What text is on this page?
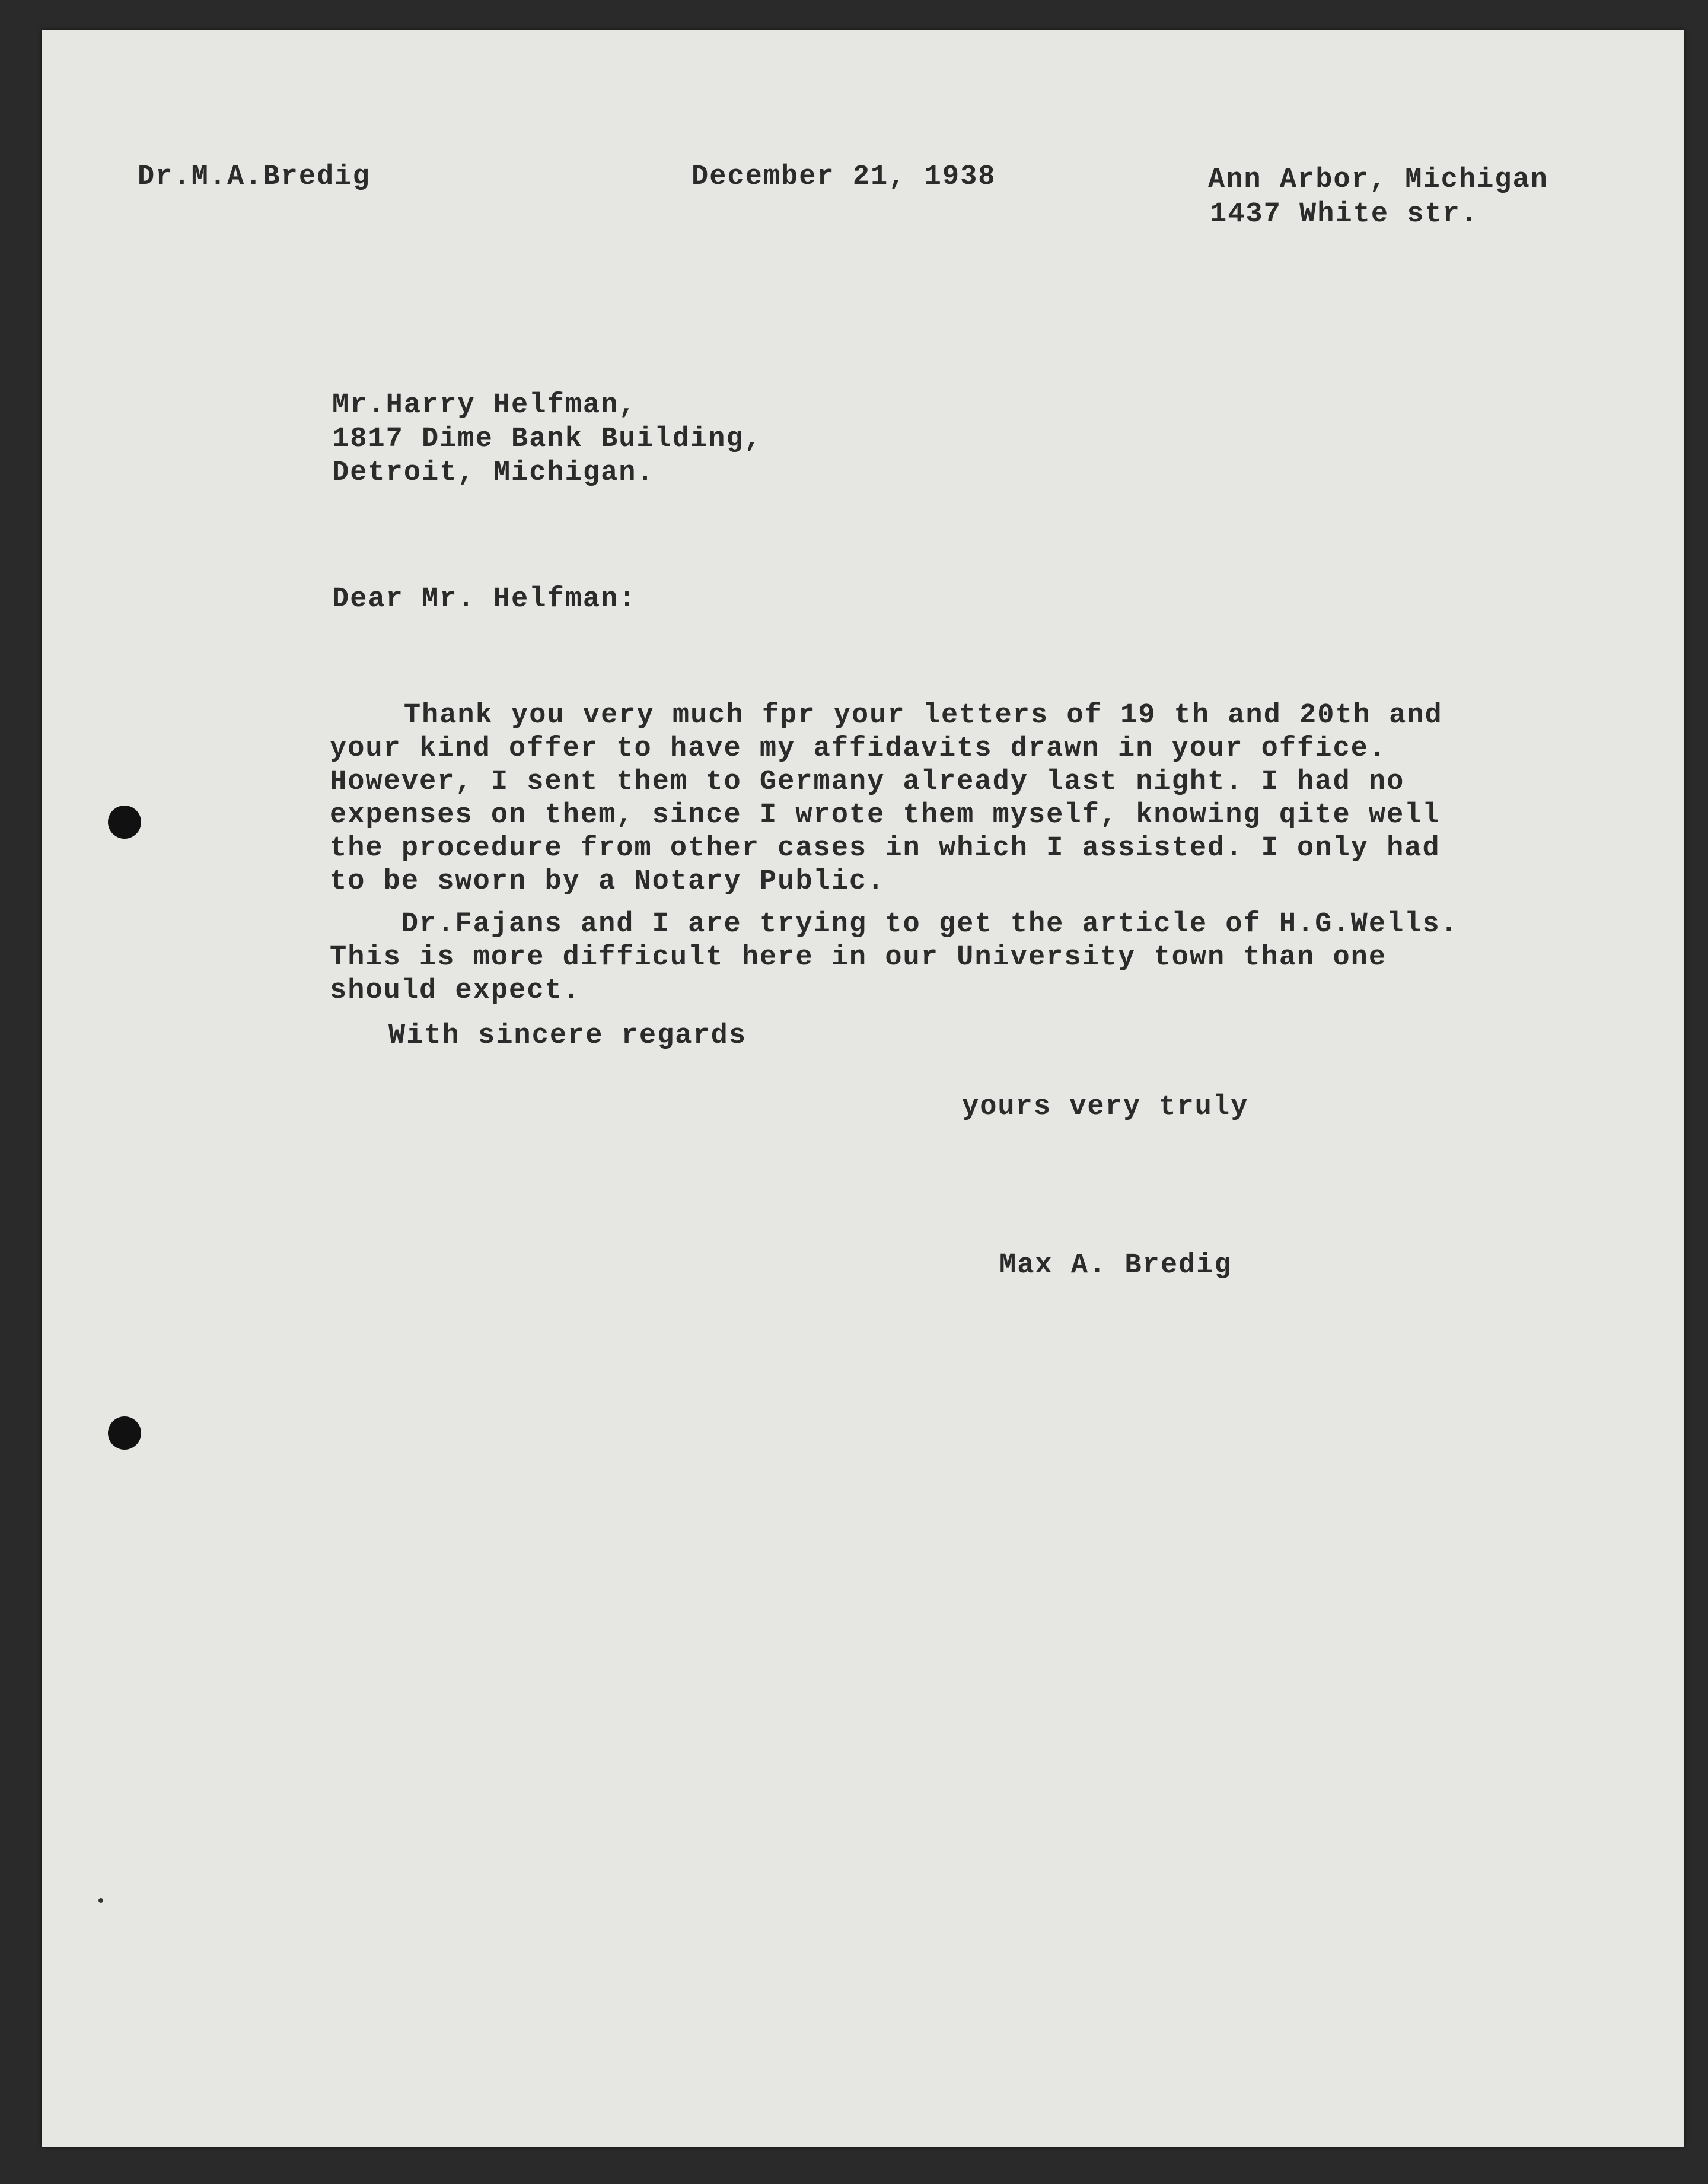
Dr.M.A.Bredig	December 21, 1938	Ann Arbor, Michigan
1437 White str.
Mr.Harry Helfman,
1817 Dime Bank Building,
Detroit, Michigan.
Dear Mr. Helfman:
Thank you very much fpr your letters of 19 th and 20th and
your kind offer to have my affidavits drawn in your office.
However, I sent them to Germany already last night. I had no
expenses on them, since I wrote them myself, knowing qite well
the procedure from other cases in which I assisted. I only had
to be sworn by a Notary Public.
Dr.Fajans and I are trying to get the article of H.G.Wells.
This is more difficult here in our University town than one
should expect.
With sincere regards
yours very truly
Max A. Bredig
